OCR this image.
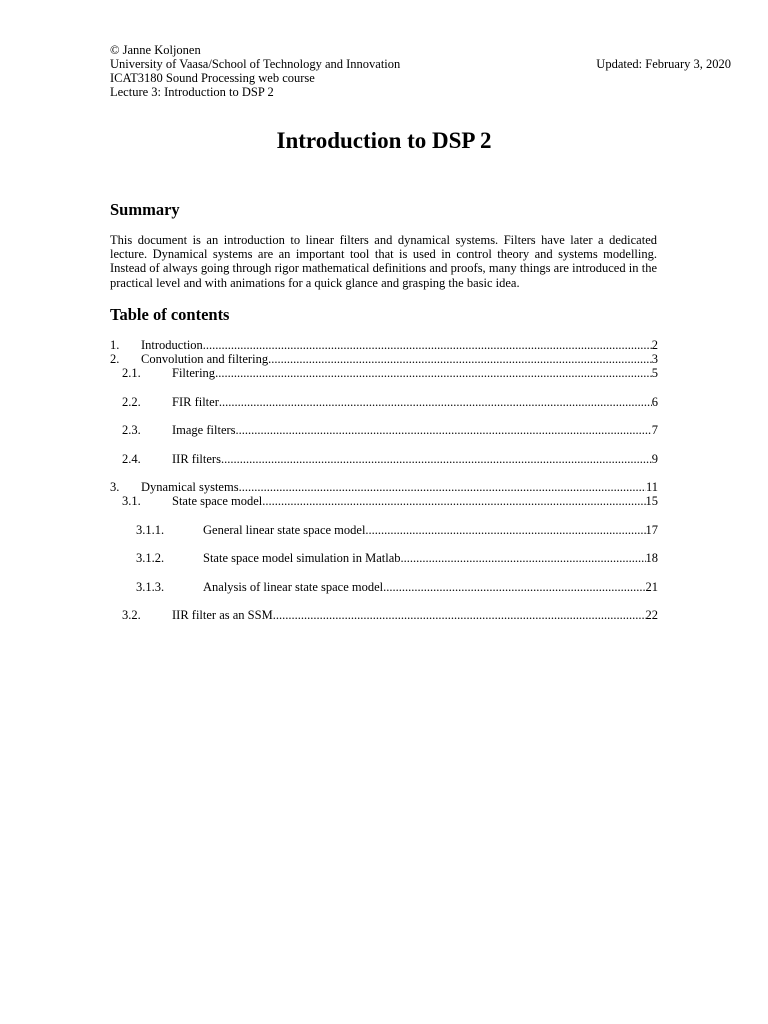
© Janne Koljonen
University of Vaasa/School of Technology and Innovation
ICAT3180 Sound Processing web course
Lecture 3: Introduction to DSP 2
Updated: February 3, 2020
Introduction to DSP 2
Summary
This document is an introduction to linear filters and dynamical systems. Filters have later a dedicated lecture. Dynamical systems are an important tool that is used in control theory and systems modelling. Instead of always going through rigor mathematical definitions and proofs, many things are introduced in the practical level and with animations for a quick glance and grasping the basic idea.
Table of contents
1.	Introduction .....	2
2.	Convolution and filtering .....	3
2.1.	Filtering .....	5
2.2.	FIR filter .....	6
2.3.	Image filters .....	7
2.4.	IIR filters .....	9
3.	Dynamical systems .....	11
3.1.	State space model .....	15
3.1.1.	General linear state space model .....	17
3.1.2.	State space model simulation in Matlab .....	18
3.1.3.	Analysis of linear state space model .....	21
3.2.	IIR filter as an SSM .....	22
